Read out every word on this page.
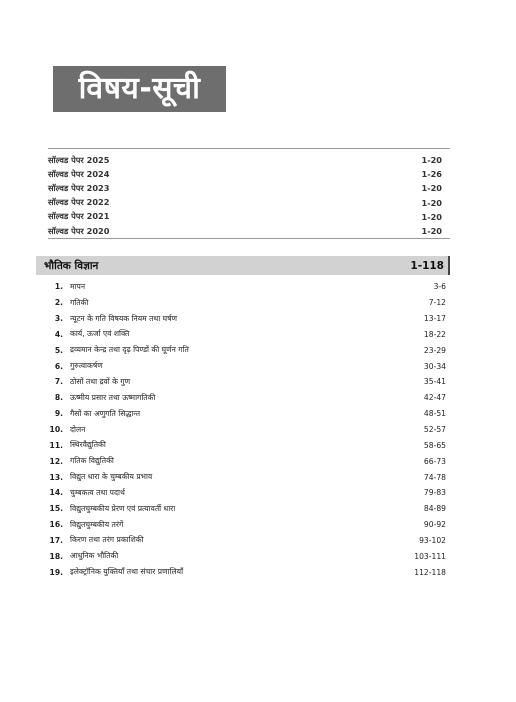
विषय-सूची
सॉल्वड पेपर 2025	1-20
सॉल्वड पेपर 2024	1-26
सॉल्वड पेपर 2023	1-20
सॉल्वड पेपर 2022	1-20
सॉल्वड पेपर 2021	1-20
सॉल्वड पेपर 2020	1-20
भौतिक विज्ञान	1-118
1. मापन	3-6
2. गतिकी	7-12
3. न्यूटन के गति विषयक नियम तथा घर्षण	13-17
4. कार्य, ऊर्जा एवं शक्ति	18-22
5. द्रव्यमान केन्द्र तथा दृढ़ पिण्डों की घूर्णन गति	23-29
6. गुरुत्वाकर्षण	30-34
7. ठोसों तथा द्रवों के गुण	35-41
8. ऊष्मीय प्रसार तथा ऊष्मागतिकी	42-47
9. गैसों का अणुगति सिद्धान्त	48-51
10. दोलन	52-57
11. स्थिरवैद्युतिकी	58-65
12. गतिक विद्युतिकी	66-73
13. विद्युत धारा के चुम्बकीय प्रभाव	74-78
14. चुम्बकत्व तथा पदार्थ	79-83
15. विद्युतचुम्बकीय प्रेरण एवं प्रत्यावर्ती धारा	84-89
16. विद्युतचुम्बकीय तरंगें	90-92
17. किरण तथा तरंग प्रकाशिकी	93-102
18. आधुनिक भौतिकी	103-111
19. इलेक्ट्रॉनिक युक्तियाँ तथा संचार प्रणालियाँ	112-118
